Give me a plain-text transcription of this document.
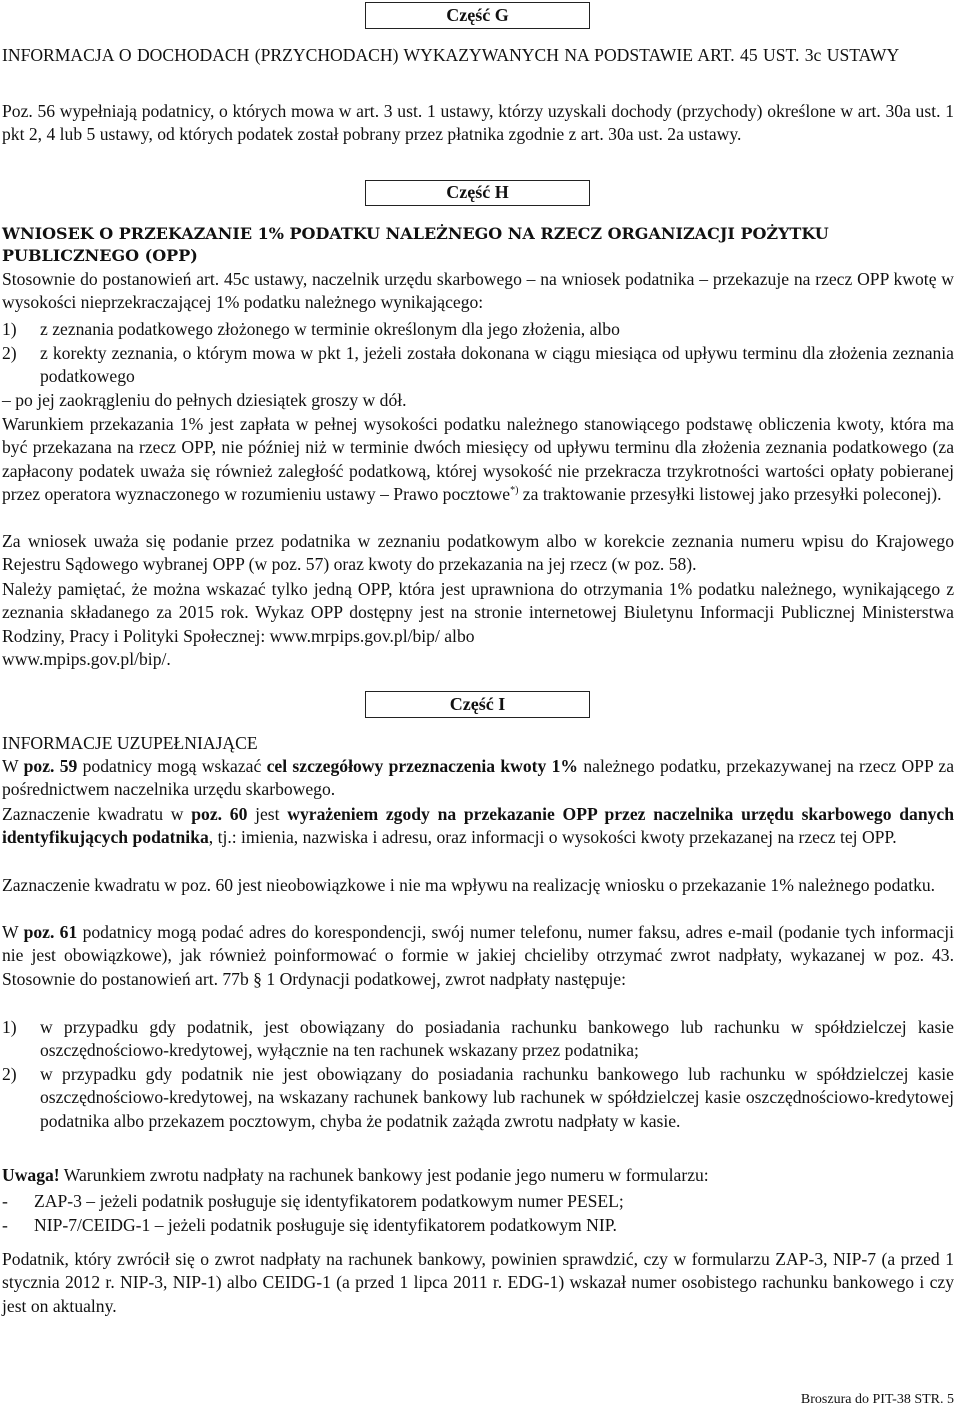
Część G
INFORMACJA O DOCHODACH (PRZYCHODACH) WYKAZYWANYCH NA PODSTAWIE ART. 45 UST. 3c USTAWY

Poz. 56 wypełniają podatnicy, o których mowa w art. 3 ust. 1 ustawy, którzy uzyskali dochody (przychody) określone w art. 30a ust. 1 pkt 2, 4 lub 5 ustawy, od których podatek został pobrany przez płatnika zgodnie z art. 30a ust. 2a ustawy.

Część H
WNIOSEK O PRZEKAZANIE 1% PODATKU NALEŻNEGO NA RZECZ ORGANIZACJI POŻYTKU PUBLICZNEGO (OPP)

Stosownie do postanowień art. 45c ustawy, naczelnik urzędu skarbowego – na wniosek podatnika – przekazuje na rzecz OPP kwotę w wysokości nieprzekraczającej 1% podatku należnego wynikającego:

1) z zeznania podatkowego złożonego w terminie określonym dla jego złożenia, albo
2) z korekty zeznania, o którym mowa w pkt 1, jeżeli została dokonana w ciągu miesiąca od upływu terminu dla złożenia zeznania podatkowego

– po jej zaokrągleniu do pełnych dziesiątek groszy w dół.

Warunkiem przekazania 1% jest zapłata w pełnej wysokości podatku należnego stanowiącego podstawę obliczenia kwoty, która ma być przekazana na rzecz OPP, nie później niż w terminie dwóch miesięcy od upływu terminu dla złożenia zeznania podatkowego (za zapłacony podatek uważa się również zaległość podatkową, której wysokość nie przekracza trzykrotności wartości opłaty pobieranej przez operatora wyznaczonego w rozumieniu ustawy – Prawo pocztowe*) za traktowanie przesyłki listowej jako przesyłki poleconej).

Za wniosek uważa się podanie przez podatnika w zeznaniu podatkowym albo w korekcie zeznania numeru wpisu do Krajowego Rejestru Sądowego wybranej OPP (w poz. 57) oraz kwoty do przekazania na jej rzecz (w poz. 58).

Należy pamiętać, że można wskazać tylko jedną OPP, która jest uprawniona do otrzymania 1% podatku należnego, wynikającego z zeznania składanego za 2015 rok. Wykaz OPP dostępny jest na stronie internetowej Biuletynu Informacji Publicznej Ministerstwa Rodziny, Pracy i Polityki Społecznej: www.mrpips.gov.pl/bip/ albo
www.mpips.gov.pl/bip/.

Część I
INFORMACJE UZUPEŁNIAJĄCE

W poz. 59 podatnicy mogą wskazać cel szczegółowy przeznaczenia kwoty 1% należnego podatku, przekazywanej na rzecz OPP za pośrednictwem naczelnika urzędu skarbowego.

Zaznaczenie kwadratu w poz. 60 jest wyrażeniem zgody na przekazanie OPP przez naczelnika urzędu skarbowego danych identyfikujących podatnika, tj.: imienia, nazwiska i adresu, oraz informacji o wysokości kwoty przekazanej na rzecz tej OPP.

Zaznaczenie kwadratu w poz. 60 jest nieobowiązkowe i nie ma wpływu na realizację wniosku o przekazanie 1% należnego podatku.

W poz. 61 podatnicy mogą podać adres do korespondencji, swój numer telefonu, numer faksu, adres e-mail (podanie tych informacji nie jest obowiązkowe), jak również poinformować o formie w jakiej chcieliby otrzymać zwrot nadpłaty, wykazanej w poz. 43. Stosownie do postanowień art. 77b § 1 Ordynacji podatkowej, zwrot nadpłaty następuje:

1) w przypadku gdy podatnik, jest obowiązany do posiadania rachunku bankowego lub rachunku w spółdzielczej kasie oszczędnościowo-kredytowej, wyłącznie na ten rachunek wskazany przez podatnika;
2) w przypadku gdy podatnik nie jest obowiązany do posiadania rachunku bankowego lub rachunku w spółdzielczej kasie oszczędnościowo-kredytowej, na wskazany rachunek bankowy lub rachunek w spółdzielczej kasie oszczędnościowo-kredytowej podatnika albo przekazem pocztowym, chyba że podatnik zażąda zwrotu nadpłaty w kasie.

Uwaga! Warunkiem zwrotu nadpłaty na rachunek bankowy jest podanie jego numeru w formularzu:

- ZAP-3 – jeżeli podatnik posługuje się identyfikatorem podatkowym numer PESEL;
- NIP-7/CEIDG-1 – jeżeli podatnik posługuje się identyfikatorem podatkowym NIP.

Podatnik, który zwrócił się o zwrot nadpłaty na rachunek bankowy, powinien sprawdzić, czy w formularzu ZAP-3, NIP-7 (a przed 1 stycznia 2012 r. NIP-3, NIP-1) albo CEIDG-1 (a przed 1 lipca 2011 r. EDG-1) wskazał numer osobistego rachunku bankowego i czy jest on aktualny.

Broszura do PIT-38 STR. 5
